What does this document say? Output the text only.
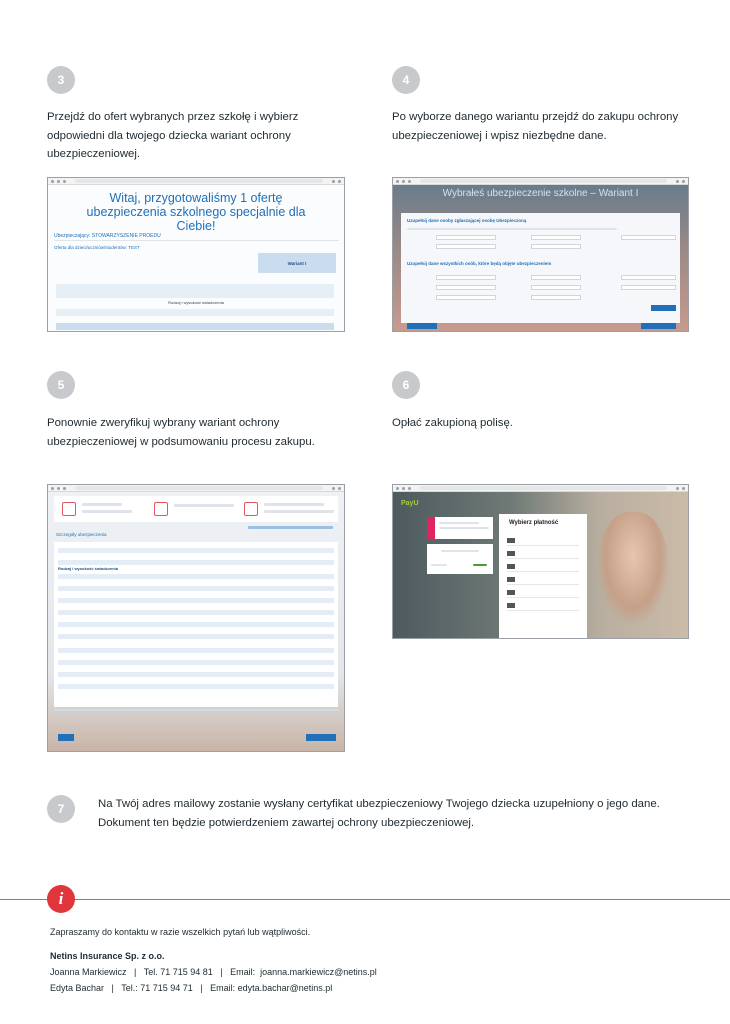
3
Przejdź do ofert wybranych przez szkołę i wybierz odpowiedni dla twojego dziecka wariant ochrony ubezpieczeniowej.
4
Po wyborze danego wariantu przejdź do zakupu ochrony ubezpieczeniowej i wpisz niezbędne dane.
Witaj, przygotowaliśmy 1 ofertę ubezpieczenia szkolnego specjalnie dla Ciebie!
Ubezpieczający: STOWARZYSZENIE PROEDU
Oferta dla dzieci/uczniów/studentów: TEST
Wariant I
Rodzaj i wysokość świadczenia
Wybrałeś ubezpieczenie szkolne – Wariant I
Uzupełnij dane osoby zgłaszającej osobę Ubezpieczoną
Uzupełnij dane wszystkich osób, które będą objęte ubezpieczeniem
5
Ponownie zweryfikuj wybrany wariant ochrony ubezpieczeniowej w podsumowaniu procesu zakupu.
6
Opłać zakupioną polisę.
Szczegóły ubezpieczenia
Rodzaj i wysokość świadczenia
PayU
Wybierz płatność
7	Na Twój adres mailowy zostanie wysłany certyfikat ubezpieczeniowy Twojego dziecka uzupełniony o jego dane. Dokument ten będzie potwierdzeniem zawartej ochrony ubezpieczeniowej.
i
Zapraszamy do kontaktu w razie wszelkich pytań lub wątpliwości.
Netins Insurance Sp. z o.o.
Joanna Markiewicz   |   Tel. 71 715 94 81   |   Email:  joanna.markiewicz@netins.pl
Edyta Bachar   |   Tel.: 71 715 94 71   |   Email: edyta.bachar@netins.pl
